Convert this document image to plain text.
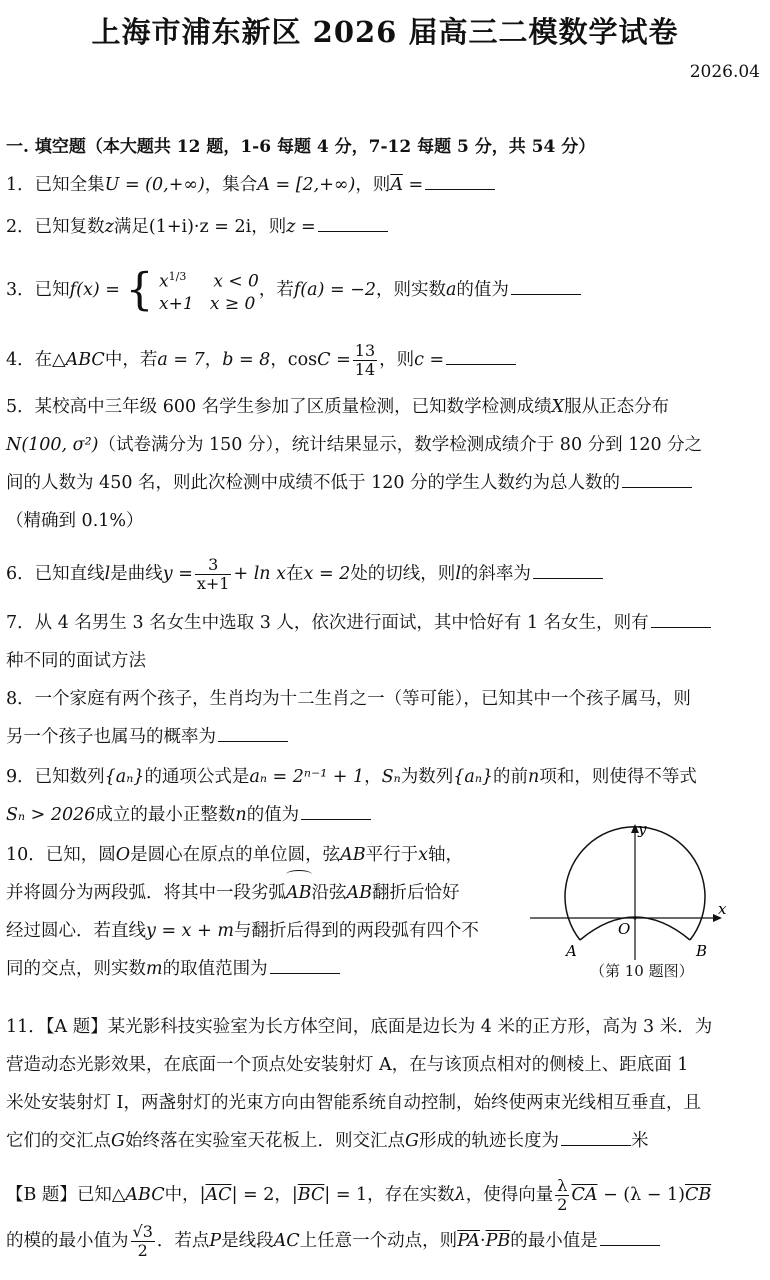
上海市浦东新区 2026 届高三二模数学试卷
2026.04
一. 填空题（本大题共 12 题，1-6 每题 4 分，7-12 每题 5 分，共 54 分）
1．已知全集U = (0,+∞)，集合A = [2,+∞)，则$\overline{A}$ =
2．已知复数z满足(1+i)·z = 2i，则z =
3．已知f(x) = { $x^{1/3}$ x < 0
x+1 x ≥ 0
，若f(a) = −2，则实数a的值为
4．在△ABC中，若a = 7，b = 8，$\cos C = \frac{13}{14}$ ，则c =
5．某校高中三年级 600 名学生参加了区质量检测，已知数学检测成绩X服从正态分布
N(100, σ²)（试卷满分为 150 分），统计结果显示，数学检测成绩介于 80 分到 120 分之
间的人数为 450 名，则此次检测中成绩不低于 120 分的学生人数约为总人数的
（精确到 0.1%）
6．已知直线l是曲线$y = \frac{3}{x+1} + \ln x$在x = 2处的切线，则l的斜率为
7．从 4 名男生 3 名女生中选取 3 人，依次进行面试，其中恰好有 1 名女生，则有
种不同的面试方法
8．一个家庭有两个孩子，生肖均为十二生肖之一（等可能），已知其中一个孩子属马，则
另一个孩子也属马的概率为
9．已知数列{aₙ}的通项公式是aₙ = 2ⁿ⁻¹ + 1，Sₙ为数列{aₙ}的前n项和，则使得不等式
Sₙ > 2026成立的最小正整数n的值为
10．已知，圆O是圆心在原点的单位圆，弦AB平行于x轴，
并将圆分为两段弧．将其中一段劣弧AB沿弦AB翻折后恰好
经过圆心．若直线y = x + m与翻折后得到的两段弧有四个不
同的交点，则实数m的取值范围为
y
x
O
A	B
（第 10 题图）
11．【A 题】某光影科技实验室为长方体空间，底面是边长为 4 米的正方形，高为 3 米．为
营造动态光影效果，在底面一个顶点处安装射灯 A，在与该顶点相对的侧棱上、距底面 1
米处安装射灯 I，两盏射灯的光束方向由智能系统自动控制，始终使两束光线相互垂直，且
它们的交汇点G始终落在实验室天花板上．则交汇点G形成的轨迹长度为	米
【B 题】已知△ABC中，$|\overline{AC}| = 2$，$|\overline{BC}| = 1$，存在实数λ，使得向量 $\frac{\lambda}{2} \overline{CA} - (\lambda - 1)\overline{CB}$
的模的最小值为 $\frac{√3}{2}$ ．若点P是线段AC上任意一个动点，则$\overline{PA}\cdot\overline{PB}$的最小值是
